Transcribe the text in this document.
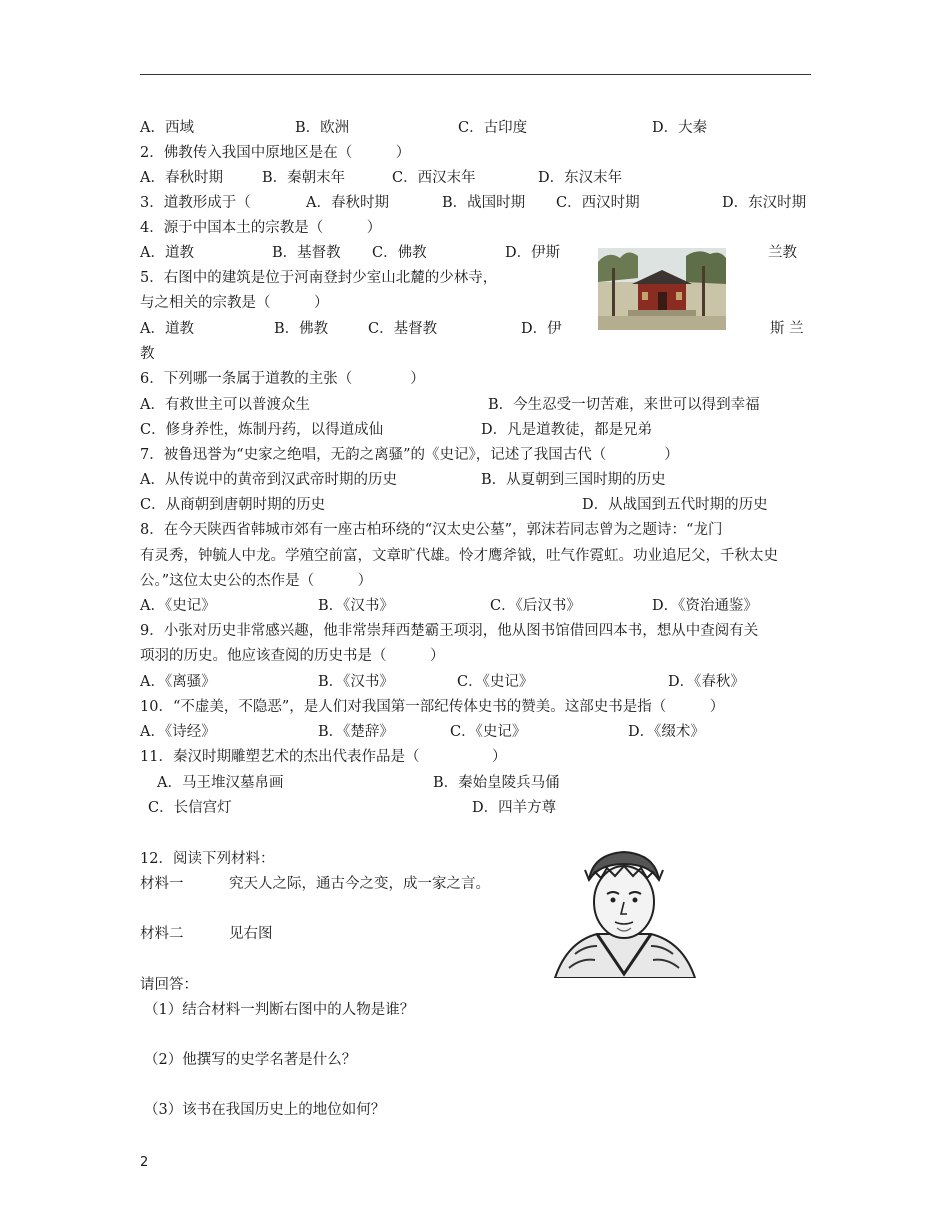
A．西域	B．欧洲	C．古印度	D．大秦
2．佛教传入我国中原地区是在（　　　）
A．春秋时期	B．秦朝末年	C．西汉末年	D．东汉末年
3．道教形成于（	A．春秋时期	B．战国时期 C．西汉时期	D．东汉时期
4．源于中国本土的宗教是（　　　）
A．道教	B．基督教 C．佛教	D．伊斯	兰教
5．右图中的建筑是位于河南登封少室山北麓的少林寺，
与之相关的宗教是（　　　）
A．道教	B．佛教	C．基督教	D．伊	斯 兰
教
6．下列哪一条属于道教的主张（　　　　）
A．有救世主可以普渡众生	B．今生忍受一切苦难，来世可以得到幸福
C．修身养性，炼制丹药，以得道成仙	D．凡是道教徒，都是兄弟
7．被鲁迅誉为“史家之绝唱，无韵之离骚”的《史记》，记述了我国古代（　　　　）
A．从传说中的黄帝到汉武帝时期的历史	B．从夏朝到三国时期的历史
C．从商朝到唐朝时期的历史	D．从战国到五代时期的历史
8．在今天陕西省韩城市郊有一座古柏环绕的“汉太史公墓”，郭沫若同志曾为之题诗：“龙门
有灵秀，钟毓人中龙。学殖空前富，文章旷代雄。怜才鹰斧钺，吐气作霓虹。功业追尼父，千秋太史
公。”这位太史公的杰作是（　　　）
A．《史记》	B．《汉书》	C．《后汉书》	D．《资治通鉴》
9．小张对历史非常感兴趣，他非常崇拜西楚霸王项羽，他从图书馆借回四本书，想从中查阅有关
项羽的历史。他应该查阅的历史书是（　　　）
A．《离骚》	B．《汉书》	C．《史记》	D．《春秋》
10．“不虚美，不隐恶”，是人们对我国第一部纪传体史书的赞美。这部史书是指（　　　）
A．《诗经》	B．《楚辞》	C．《史记》	D．《缀术》
11．秦汉时期雕塑艺术的杰出代表作品是（　　　　　）
A．马王堆汉墓帛画	B．秦始皇陵兵马俑
C．长信宫灯	D．四羊方尊
12．阅读下列材料：
材料一	究天人之际，通古今之变，成一家之言。
材料二	见右图
请回答：
（1）结合材料一判断右图中的人物是谁？
（2）他撰写的史学名著是什么？
（3）该书在我国历史上的地位如何？
2
